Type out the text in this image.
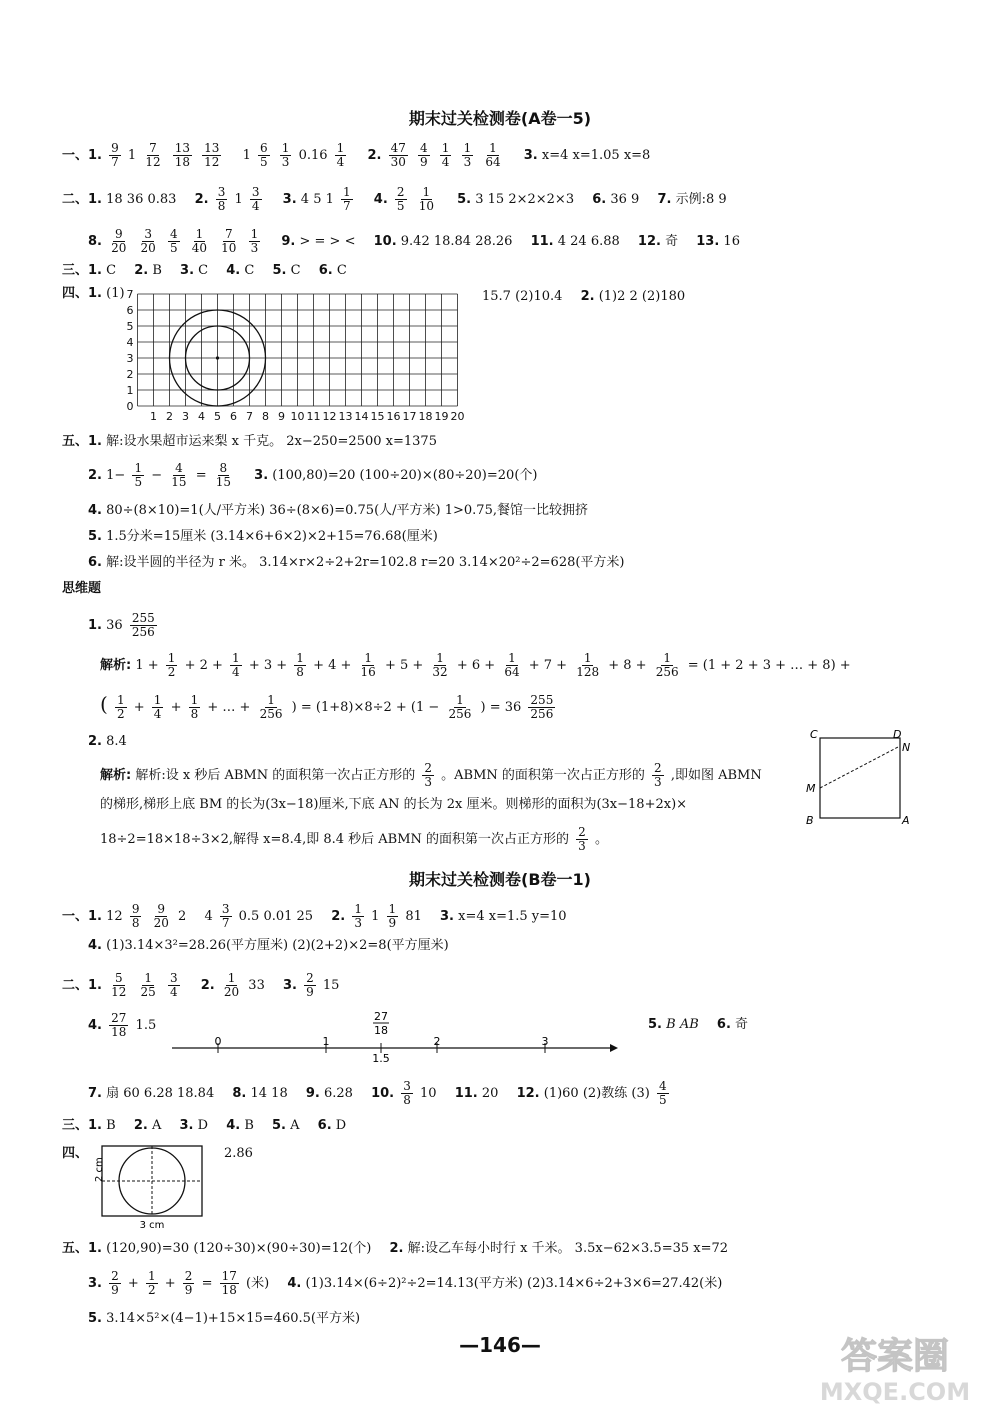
期末过关检测卷(A卷一5)
一、1. $\frac{9}{7} 1 \frac{7}{12}$
$\frac{13}{18}$
$\frac{13}{12} 1 \frac{6}{5}$
$\frac{1}{3} 0.16 \frac{1}{4} 2$. $\frac{47}{30}$
$\frac{4}{9}$
$\frac{1}{4}$
$\frac{1}{3}$
$\frac{1}{64} 3$. x=4 x=1.05 x=8
二、1. 18 36 0.83 2. $\frac{3}{8} 1 \frac{3}{4} 3$. 4 5 $1 \frac{1}{7} 4$. $\frac{2}{5}$
$\frac{1}{10} 5$. 3 15 2×2×2×3 6. 36 9 7. 示例:8 9
8. $\frac{9}{20}$
$\frac{3}{20}$
$\frac{4}{5}$
$\frac{1}{40}$
$\frac{7}{10}$
$\frac{1}{3} 9$. > = > < 10. 9.42 18.84 28.26 11. 4 24 6.88 12. 奇 13. 16
三、1. C 2. B 3. C 4. C 5. C 6. C
四、1. (1)
1 2 3 4 5 6 7 8 9 10 11 12 13 14 15 16 17 18 19 20
0
1
2
3
4
5
6
7	15.7 (2)10.4 2. (1)2 2 (2)180
五、1. 解:设水果超市运来梨 x 千克。 2x−250=2500 x=1375
2. $1- \frac{1}{5} - \frac{4}{15} = \frac{8}{15} 3$. (100,80)=20 (100÷20)×(80÷20)=20(个)
4. 80÷(8×10)=1(人/平方米) 36÷(8×6)=0.75(人/平方米) 1>0.75,餐馆一比较拥挤
5. 1.5分米=15厘米 (3.14×6+6×2)×2+15=76.68(厘米)
6. 解:设半圆的半径为 r 米。 3.14×r×2÷2+2r=102.8 r=20 3.14×20²÷2=628(平方米)
思维题
1. $36 \frac{255}{256}$
解析: $1 + \frac{1}{2} + 2 + \frac{1}{4} + 3 + \frac{1}{8} + 4 + \frac{1}{16} + 5 + \frac{1}{32} + 6 + \frac{1}{64} + 7 + \frac{1}{128} + 8 + \frac{1}{256} = (1 + 2 + 3$ + … + 8) +
( $\frac{1}{2} + \frac{1}{4} + \frac{1}{8}$ + … + $\frac{1}{256}$ ) = $(1+8)\times 8\div 2 + (1 - \frac{1}{256}$ ) = $36 \frac{255}{256}$
2. 8.4
解析: 解析:设 x 秒后 ABMN 的面积第一次占正方形的 $\frac{2}{3}$ 。ABMN 的面积第一次占正方形的 $\frac{2}{3}$ ,即如图 ABMN
的梯形,梯形上底 BM 的长为(3x−18)厘米,下底 AN 的长为 2x 厘米。则梯形的面积为(3x−18+2x)×
18÷2=18×18÷3×2,解得 x=8.4,即 8.4 秒后 ABMN 的面积第一次占正方形的 $\frac{2}{3}$ 。
C	D
N
M
B	A
期末过关检测卷(B卷一1)
一、1. $12 \frac{9}{8}$
$\frac{9}{20} 2$ $4 \frac{3}{7} 0.5$ 0.01 25 2. $\frac{1}{3} 1 \frac{1}{9} 81$ 3. x=4 x=1.5 y=10
4. (1)3.14×3²=28.26(平方厘米) (2)(2+2)×2=8(平方厘米)
二、1. $\frac{5}{12}$
$\frac{1}{25}$
$\frac{3}{4} 2$. $\frac{1}{20} 33$ 3. $\frac{2}{9} 15$
4. $\frac{27}{18} 1.5$
0	1
1.5
2	3
27
18	5. B AB 6. 奇
7. 扇 60 6.28 18.84 8. 14 18 9. 6.28 10. $\frac{3}{8} 10$ 11. 20 12. (1)60 (2)教练 $(3) \frac{4}{5}$
三、1. B 2. A 3. D 4. B 5. A 6. D
四、
2 cm
3 cm
2.86
五、1. (120,90)=30 (120÷30)×(90÷30)=12(个) 2. 解:设乙车每小时行 x 千米。 3.5x−62×3.5=35 x=72
3. $\frac{2}{9} + \frac{1}{2} + \frac{2}{9} = \frac{17}{18}$ (米) 4. (1)3.14×(6÷2)²÷2=14.13(平方米) (2)3.14×6÷2+3×6=27.42(米)
5. 3.14×5²×(4−1)+15×15=460.5(平方米)
—146—	答案圈
MXQE.COM
